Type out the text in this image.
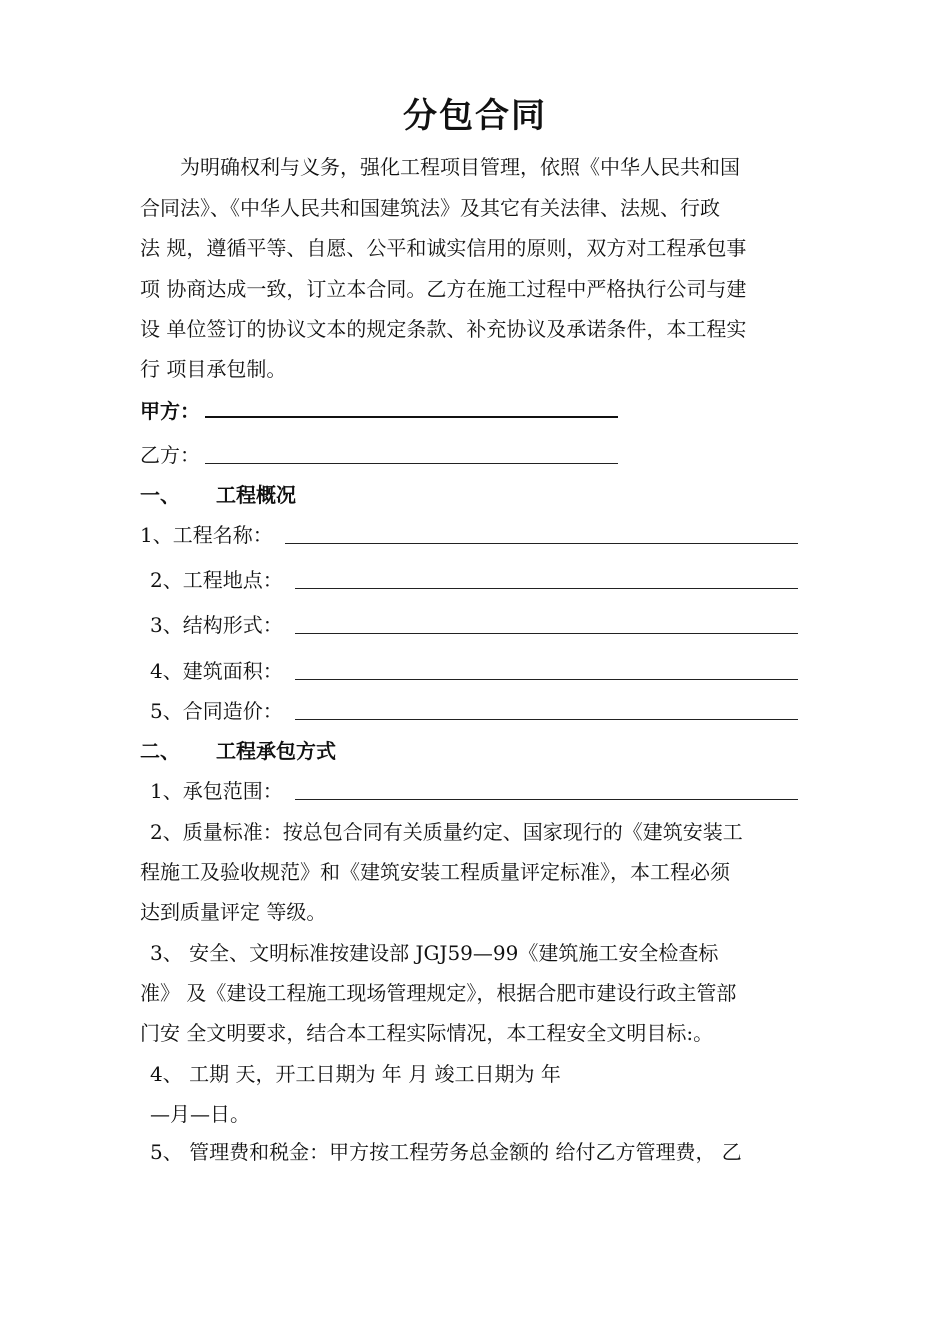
分包合同
为明确权利与义务，强化工程项目管理，依照《中华人民共和国
合同法》、《中华人民共和国建筑法》及其它有关法律、法规、行政
法 规，遵循平等、自愿、公平和诚实信用的原则，双方对工程承包事
项 协商达成一致，订立本合同。乙方在施工过程中严格执行公司与建
设 单位签订的协议文本的规定条款、补充协议及承诺条件，本工程实
行 项目承包制。
甲方：
乙方：
一、 工程概况
1、工程名称：
2、工程地点：
3、结构形式：
4、建筑面积：
5、合同造价：
二、 工程承包方式
1、承包范围：
2、质量标准：按总包合同有关质量约定、国家现行的《建筑安装工
程施工及验收规范》和《建筑安装工程质量评定标准》，本工程必须
达到质量评定 等级。
3、 安全、文明标准按建设部 JGJ59—99《建筑施工安全检查标
准》 及《建设工程施工现场管理规定》，根据合肥市建设行政主管部
门安 全文明要求，结合本工程实际情况，本工程安全文明目标:。
4、 工期 天，开工日期为 年 月 竣工日期为 年
—月—日。
5、 管理费和税金：甲方按工程劳务总金额的 给付乙方管理费， 乙
